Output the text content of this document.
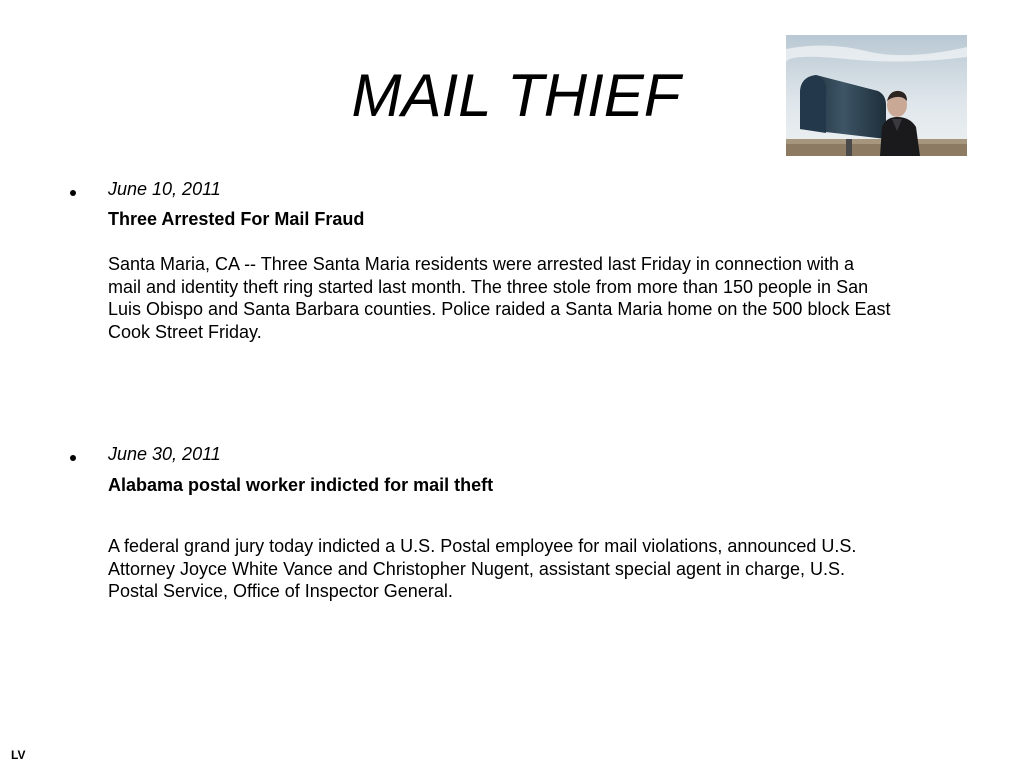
MAIL THIEF
June 10, 2011
Three Arrested For Mail Fraud
Santa Maria, CA -- Three Santa Maria residents were arrested last Friday in connection with a
mail and identity theft ring started last month. The three stole from more than 150 people in San
Luis Obispo and Santa Barbara counties. Police raided a Santa Maria home on the 500 block East
Cook Street Friday.
June 30, 2011
Alabama postal worker indicted for mail theft
A federal grand jury today indicted a U.S. Postal employee for mail violations, announced U.S.
Attorney Joyce White Vance and Christopher Nugent, assistant special agent in charge, U.S.
Postal Service, Office of Inspector General.
LV
